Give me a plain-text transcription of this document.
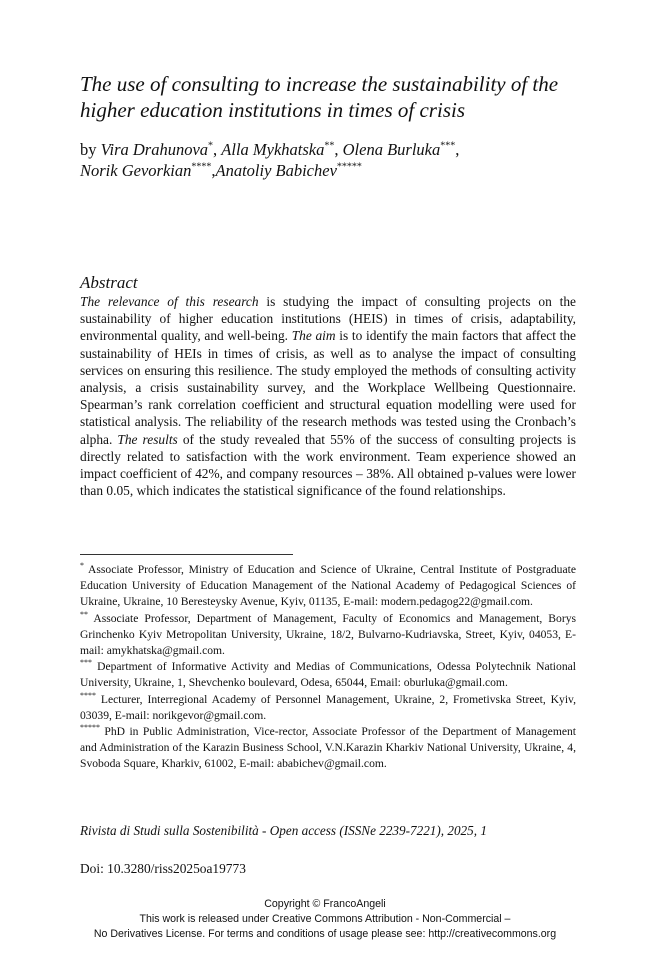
The use of consulting to increase the sustainability of the higher education institutions in times of crisis
by Vira Drahunova*, Alla Mykhatska**, Olena Burluka***,
Norik Gevorkian****,Anatoliy Babichev*****
Abstract

The relevance of this research is studying the impact of consulting projects on the sustainability of higher education institutions (HEIS) in times of crisis, adaptability, environmental quality, and well-being. The aim is to identify the main factors that affect the sustainability of HEIs in times of crisis, as well as to analyse the impact of consulting services on ensuring this resilience. The study employed the methods of consulting activity analysis, a crisis sustainability survey, and the Workplace Wellbeing Questionnaire. Spearman’s rank correlation coefficient and structural equation modelling were used for statistical analysis. The reliability of the research methods was tested using the Cronbach’s alpha. The results of the study revealed that 55% of the success of consulting projects is directly related to satisfaction with the work environment. Team experience showed an impact coefficient of 42%, and company resources – 38%. All obtained p-values were lower than 0.05, which indicates the statistical significance of the found relationships.

* Associate Professor, Ministry of Education and Science of Ukraine, Central Institute of Postgraduate Education University of Education Management of the National Academy of Pedagogical Sciences of Ukraine, Ukraine, 10 Beresteysky Avenue, Kyiv, 01135, E-mail: modern.pedagog22@gmail.com.

** Associate Professor, Department of Management, Faculty of Economics and Management, Borys Grinchenko Kyiv Metropolitan University, Ukraine, 18/2, Bulvarno-Kudriavska, Street, Kyiv, 04053, E-mail: amykhatska@gmail.com.

*** Department of Informative Activity and Medias of Communications, Odessa Polytechnik National University, Ukraine, 1, Shevchenko boulevard, Odesa, 65044, Email: oburluka@gmail.com.

**** Lecturer, Interregional Academy of Personnel Management, Ukraine, 2, Frometivska Street, Kyiv, 03039, E-mail: norikgevor@gmail.com.

***** PhD in Public Administration, Vice-rector, Associate Professor of the Department of Management and Administration of the Karazin Business School, V.N.Karazin Kharkiv National University, Ukraine, 4, Svoboda Square, Kharkiv, 61002, E-mail: ababichev@gmail.com.

Rivista di Studi sulla Sostenibilità - Open access (ISSNe 2239-7221), 2025, 1

Doi: 10.3280/riss2025oa19773

Copyright © FrancoAngeli

This work is released under Creative Commons Attribution - Non-Commercial –

No Derivatives License. For terms and conditions of usage please see: http://creativecommons.org
